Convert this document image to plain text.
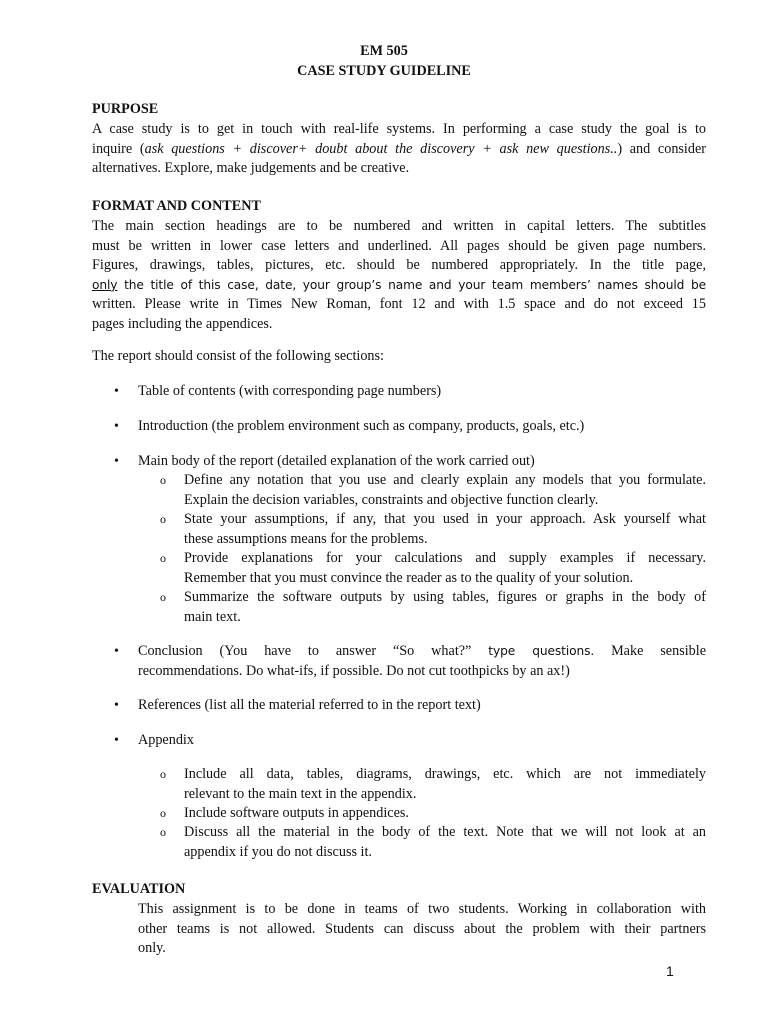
EM 505
CASE STUDY GUIDELINE
PURPOSE
A case study is to get in touch with real-life systems. In performing a case study the goal is to
inquire (ask questions + discover+ doubt about the discovery + ask new questions..) and consider
alternatives. Explore, make judgements and be creative.
FORMAT AND CONTENT
The main section headings are to be numbered and written in capital letters. The subtitles
must be written in lower case letters and underlined. All pages should be given page numbers.
Figures, drawings, tables, pictures, etc. should be numbered appropriately. In the title page,
only the title of this case, date, your group’s name and your team members’ names should be
written. Please write in Times New Roman, font 12 and with 1.5 space and do not exceed 15
pages including the appendices.
The report should consist of the following sections:
•	Table of contents (with corresponding page numbers)
•	Introduction (the problem environment such as company, products, goals, etc.)
•	Main body of the report (detailed explanation of the work carried out)
o	Define any notation that you use and clearly explain any models that you formulate.
Explain the decision variables, constraints and objective function clearly.
o	State your assumptions, if any, that you used in your approach. Ask yourself what
these assumptions means for the problems.
o	Provide explanations for your calculations and supply examples if necessary.
Remember that you must convince the reader as to the quality of your solution.
o	Summarize the software outputs by using tables, figures or graphs in the body of
main text.
•	Conclusion (You have to answer “So what?” type questions. Make sensible
recommendations. Do what-ifs, if possible. Do not cut toothpicks by an ax!)
•	References (list all the material referred to in the report text)
•	Appendix
o	Include all data, tables, diagrams, drawings, etc. which are not immediately
relevant to the main text in the appendix.
o	Include software outputs in appendices.
o	Discuss all the material in the body of the text. Note that we will not look at an
appendix if you do not discuss it.
EVALUATION
This assignment is to be done in teams of two students. Working in collaboration with
other teams is not allowed. Students can discuss about the problem with their partners
only.
1
